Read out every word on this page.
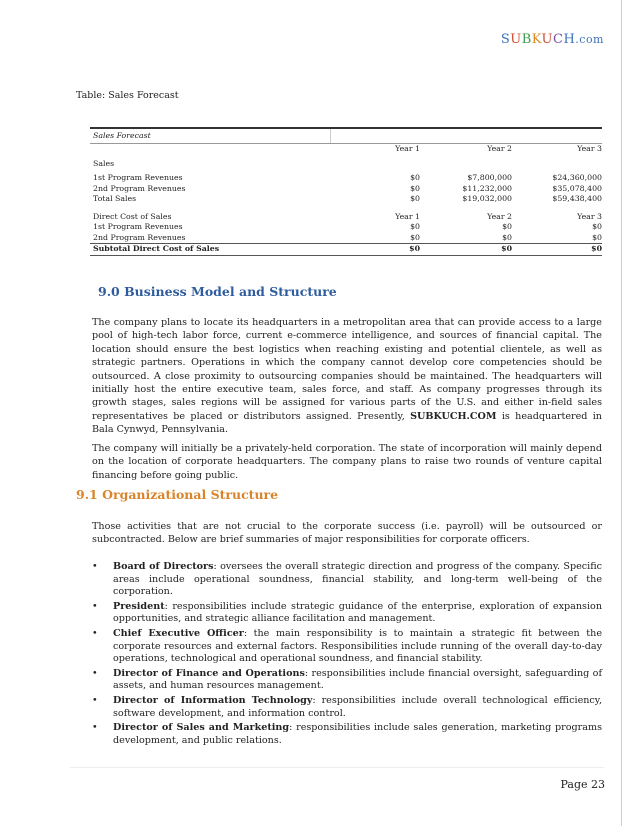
SUBKUCH.com
Table: Sales Forecast
Sales Forecast
Year 1	Year 2	Year 3
Sales
1st Program Revenues	$0	$7,800,000	$24,360,000
2nd Program Revenues	$0	$11,232,000	$35,078,400
Total Sales	$0	$19,032,000	$59,438,400
Direct Cost of Sales	Year 1	Year 2	Year 3
1st Program Revenues	$0	$0	$0
2nd Program Revenues	$0	$0	$0
Subtotal Direct Cost of Sales	$0	$0	$0
9.0 Business Model and Structure

The company plans to locate its headquarters in a metropolitan area that can provide access to a large pool of high-tech labor force, current e-commerce intelligence, and sources of financial capital. The location should ensure the best logistics when reaching existing and potential clientele, as well as strategic partners. Operations in which the company cannot develop core competencies should be outsourced. A close proximity to outsourcing companies should be maintained. The headquarters will initially host the entire executive team, sales force, and staff. As company progresses through its growth stages, sales regions will be assigned for various parts of the U.S. and either in-field sales representatives be placed or distributors assigned. Presently, SUBKUCH.COM is headquartered in Bala Cynwyd, Pennsylvania.

The company will initially be a privately-held corporation. The state of incorporation will mainly depend on the location of corporate headquarters. The company plans to raise two rounds of venture capital financing before going public.

9.1 Organizational Structure

Those activities that are not crucial to the corporate success (i.e. payroll) will be outsourced or subcontracted. Below are brief summaries of major responsibilities for corporate officers.

• Board of Directors: oversees the overall strategic direction and progress of the company. Specific areas include operational soundness, financial stability, and long-term well-being of the corporation.
• President: responsibilities include strategic guidance of the enterprise, exploration of expansion opportunities, and strategic alliance facilitation and management.
• Chief Executive Officer: the main responsibility is to maintain a strategic fit between the corporate resources and external factors. Responsibilities include running of the overall day-to-day operations, technological and operational soundness, and financial stability.
• Director of Finance and Operations: responsibilities include financial oversight, safeguarding of assets, and human resources management.
• Director of Information Technology: responsibilities include overall technological efficiency, software development, and information control.
• Director of Sales and Marketing: responsibilities include sales generation, marketing programs development, and public relations.
Page 23
